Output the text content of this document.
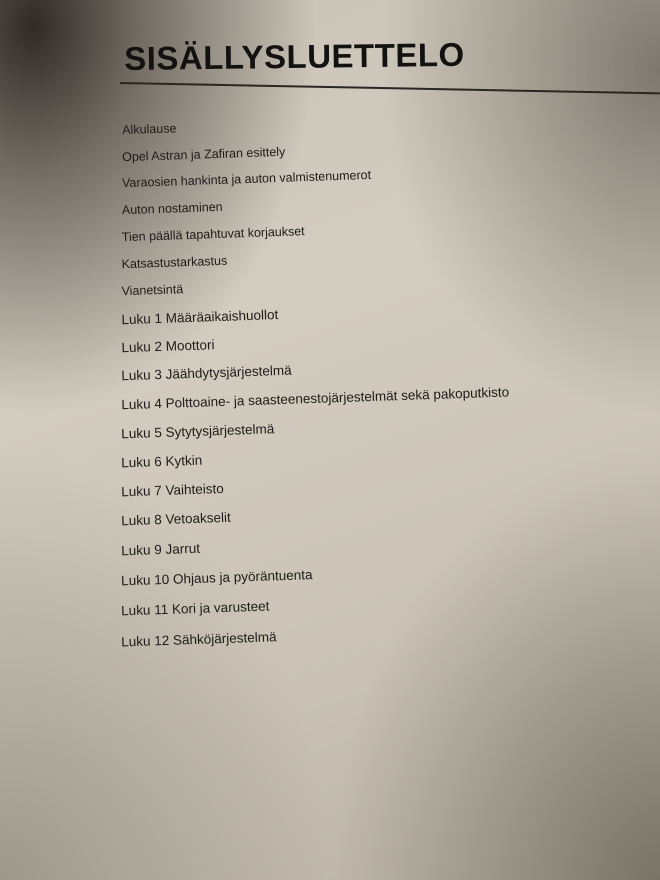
SISÄLLYSLUETTELO
Alkulause
Opel Astran ja Zafiran esittely
Varaosien hankinta ja auton valmistenumerot
Auton nostaminen
Tien päällä tapahtuvat korjaukset
Katsastustarkastus
Vianetsintä
Luku 1 Määräaikaishuollot
Luku 2 Moottori
Luku 3 Jäähdytysjärjestelmä
Luku 4 Polttoaine- ja saasteenestojärjestelmät sekä pakoputkisto
Luku 5 Sytytysjärjestelmä
Luku 6 Kytkin
Luku 7 Vaihteisto
Luku 8 Vetoakselit
Luku 9 Jarrut
Luku 10 Ohjaus ja pyöräntuenta
Luku 11 Kori ja varusteet
Luku 12 Sähköjärjestelmä
